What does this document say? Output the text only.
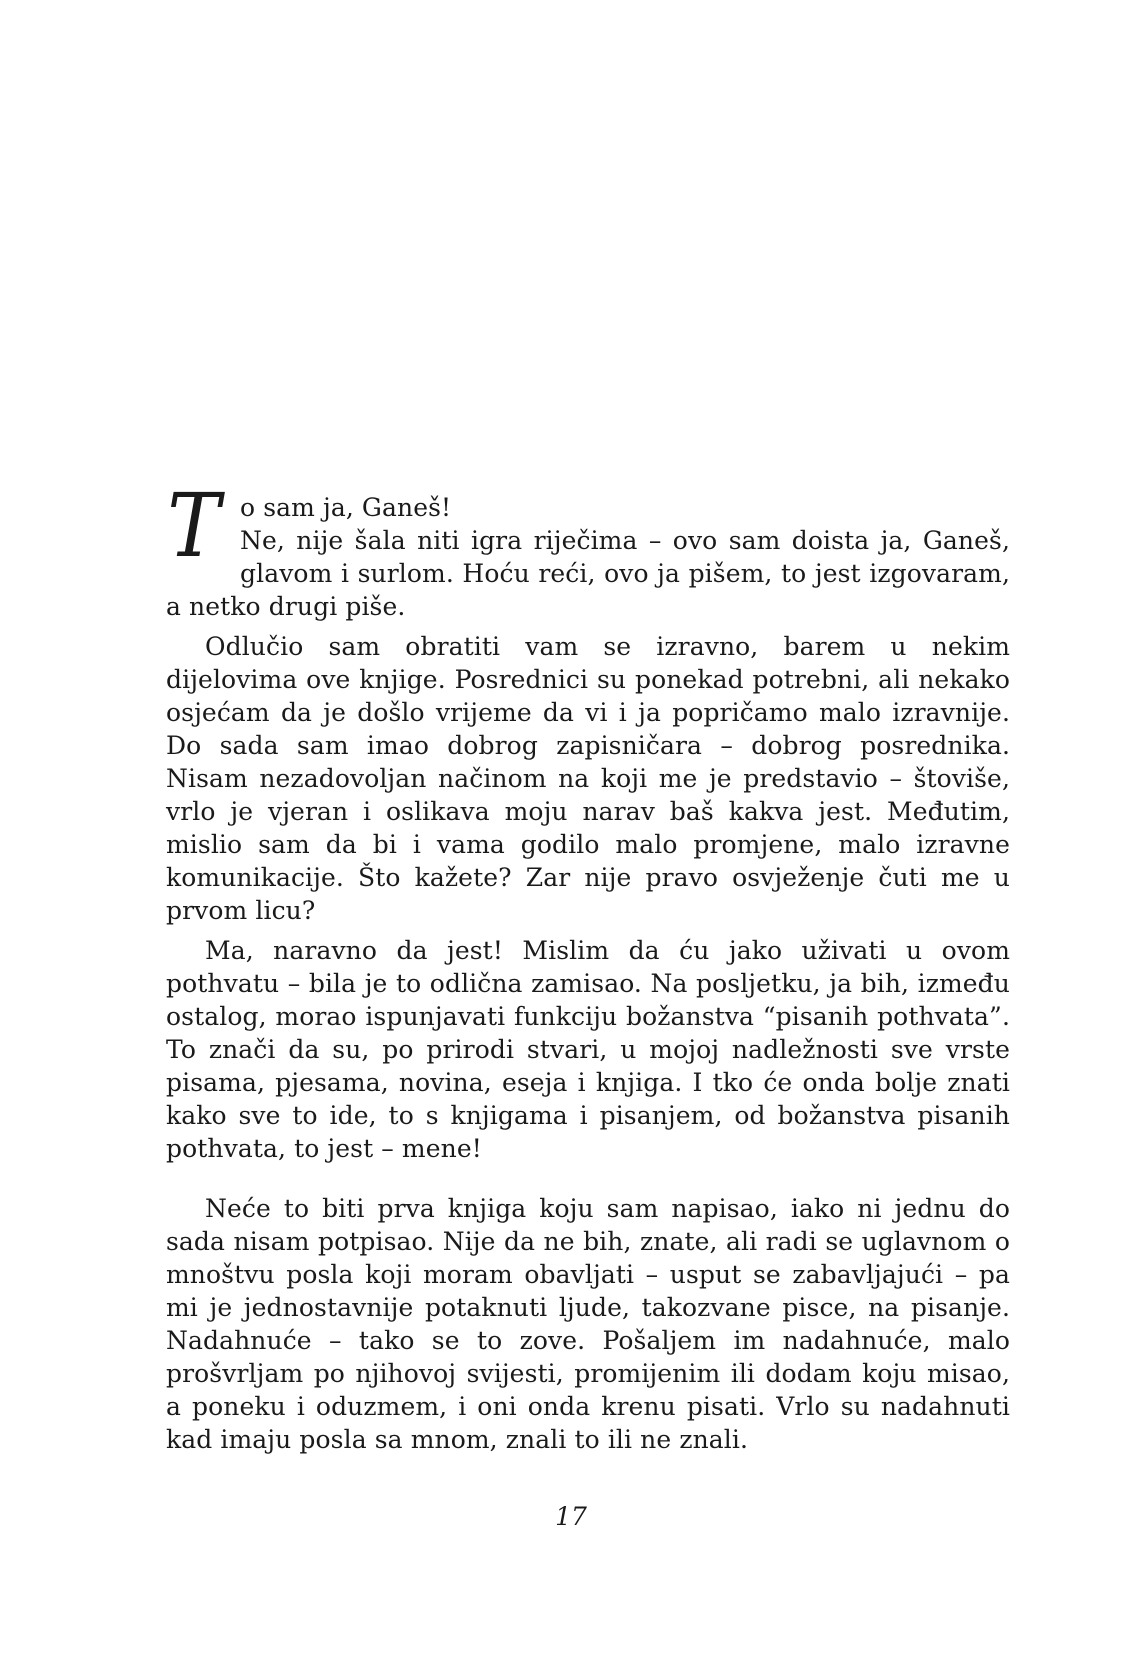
T o sam ja, Ganeš!
Ne, nije šala niti igra riječima – ovo sam doista ja, Ganeš, glavom i surlom. Hoću reći, ovo ja pišem, to jest izgovaram, a netko drugi piše.

Odlučio sam obratiti vam se izravno, barem u nekim dijelovima ove knjige. Posrednici su ponekad potrebni, ali nekako osjećam da je došlo vrijeme da vi i ja popričamo malo izravnije. Do sada sam imao dobrog zapisničara – dobrog posrednika. Nisam nezadovoljan načinom na koji me je predstavio – štoviše, vrlo je vjeran i oslikava moju narav baš kakva jest. Međutim, mislio sam da bi i vama godilo malo promjene, malo izravne komunikacije. Što kažete? Zar nije pravo osvježenje čuti me u prvom licu?

Ma, naravno da jest! Mislim da ću jako uživati u ovom pothvatu – bila je to odlična zamisao. Na posljetku, ja bih, između ostalog, morao ispunjavati funkciju božanstva “pisanih pothvata”. To znači da su, po prirodi stvari, u mojoj nadležnosti sve vrste pisama, pjesama, novina, eseja i knjiga. I tko će onda bolje znati kako sve to ide, to s knjigama i pisanjem, od božanstva pisanih pothvata, to jest – mene!

Neće to biti prva knjiga koju sam napisao, iako ni jednu do sada nisam potpisao. Nije da ne bih, znate, ali radi se uglavnom o mnoštvu posla koji moram obavljati – usput se zabavljajući – pa mi je jednostavnije potaknuti ljude, takozvane pisce, na pisanje. Nadahnuće – tako se to zove. Pošaljem im nadahnuće, malo prošvrljam po njihovoj svijesti, promijenim ili dodam koju misao, a poneku i oduzmem, i oni onda krenu pisati. Vrlo su nadahnuti kad imaju posla sa mnom, znali to ili ne znali.

17
